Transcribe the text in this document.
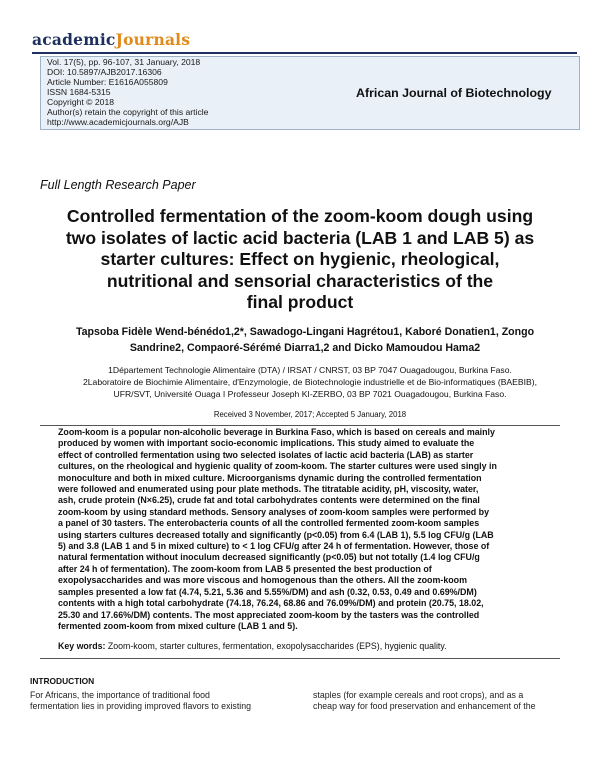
academicJournals
Vol. 17(5), pp. 96-107, 31 January, 2018
DOI: 10.5897/AJB2017.16306
Article Number: E1616A055809
ISSN 1684-5315
Copyright © 2018
Author(s) retain the copyright of this article
http://www.academicjournals.org/AJB
African Journal of Biotechnology
Full Length Research Paper
Controlled fermentation of the zoom-koom dough using
two isolates of lactic acid bacteria (LAB 1 and LAB 5) as
starter cultures: Effect on hygienic, rheological,
nutritional and sensorial characteristics of the
final product
Tapsoba Fidèle Wend-bénédo1,2*, Sawadogo-Lingani Hagrétou1, Kaboré Donatien1, Zongo
Sandrine2, Compaoré-Sérémé Diarra1,2 and Dicko Mamoudou Hama2
1Département Technologie Alimentaire (DTA) / IRSAT / CNRST, 03 BP 7047 Ouagadougou, Burkina Faso.
2Laboratoire de Biochimie Alimentaire, d'Enzymologie, de Biotechnologie industrielle et de Bio-informatiques (BAEBIB),
UFR/SVT, Université Ouaga I Professeur Joseph KI-ZERBO, 03 BP 7021 Ouagadougou, Burkina Faso.
Received 3 November, 2017; Accepted 5 January, 2018
Zoom-koom is a popular non-alcoholic beverage in Burkina Faso, which is based on cereals and mainly
produced by women with important socio-economic implications. This study aimed to evaluate the
effect of controlled fermentation using two selected isolates of lactic acid bacteria (LAB) as starter
cultures, on the rheological and hygienic quality of zoom-koom. The starter cultures were used singly in
monoculture and both in mixed culture. Microorganisms dynamic during the controlled fermentation
were followed and enumerated using pour plate methods. The titratable acidity, pH, viscosity, water,
ash, crude protein (N×6.25), crude fat and total carbohydrates contents were determined on the final
zoom-koom by using standard methods. Sensory analyses of zoom-koom samples were performed by
a panel of 30 tasters. The enterobacteria counts of all the controlled fermented zoom-koom samples
using starters cultures decreased totally and significantly (p<0.05) from 6.4 (LAB 1), 5.5 log CFU/g (LAB
5) and 3.8 (LAB 1 and 5 in mixed culture) to < 1 log CFU/g after 24 h of fermentation. However, those of
natural fermentation without inoculum decreased significantly (p<0.05) but not totally (1.4 log CFU/g
after 24 h of fermentation). The zoom-koom from LAB 5 presented the best production of
exopolysaccharides and was more viscous and homogenous than the others. All the zoom-koom
samples presented a low fat (4.74, 5.21, 5.36 and 5.55%/DM) and ash (0.32, 0.53, 0.49 and 0.69%/DM)
contents with a high total carbohydrate (74.18, 76.24, 68.86 and 76.09%/DM) and protein (20.75, 18.02,
25.30 and 17.66%/DM) contents. The most appreciated zoom-koom by the tasters was the controlled
fermented zoom-koom from mixed culture (LAB 1 and 5).
Key words: Zoom-koom, starter cultures, fermentation, exopolysaccharides (EPS), hygienic quality.
INTRODUCTION
For Africans, the importance of traditional food
fermentation lies in providing improved flavors to existing
staples (for example cereals and root crops), and as a
cheap way for food preservation and enhancement of the
